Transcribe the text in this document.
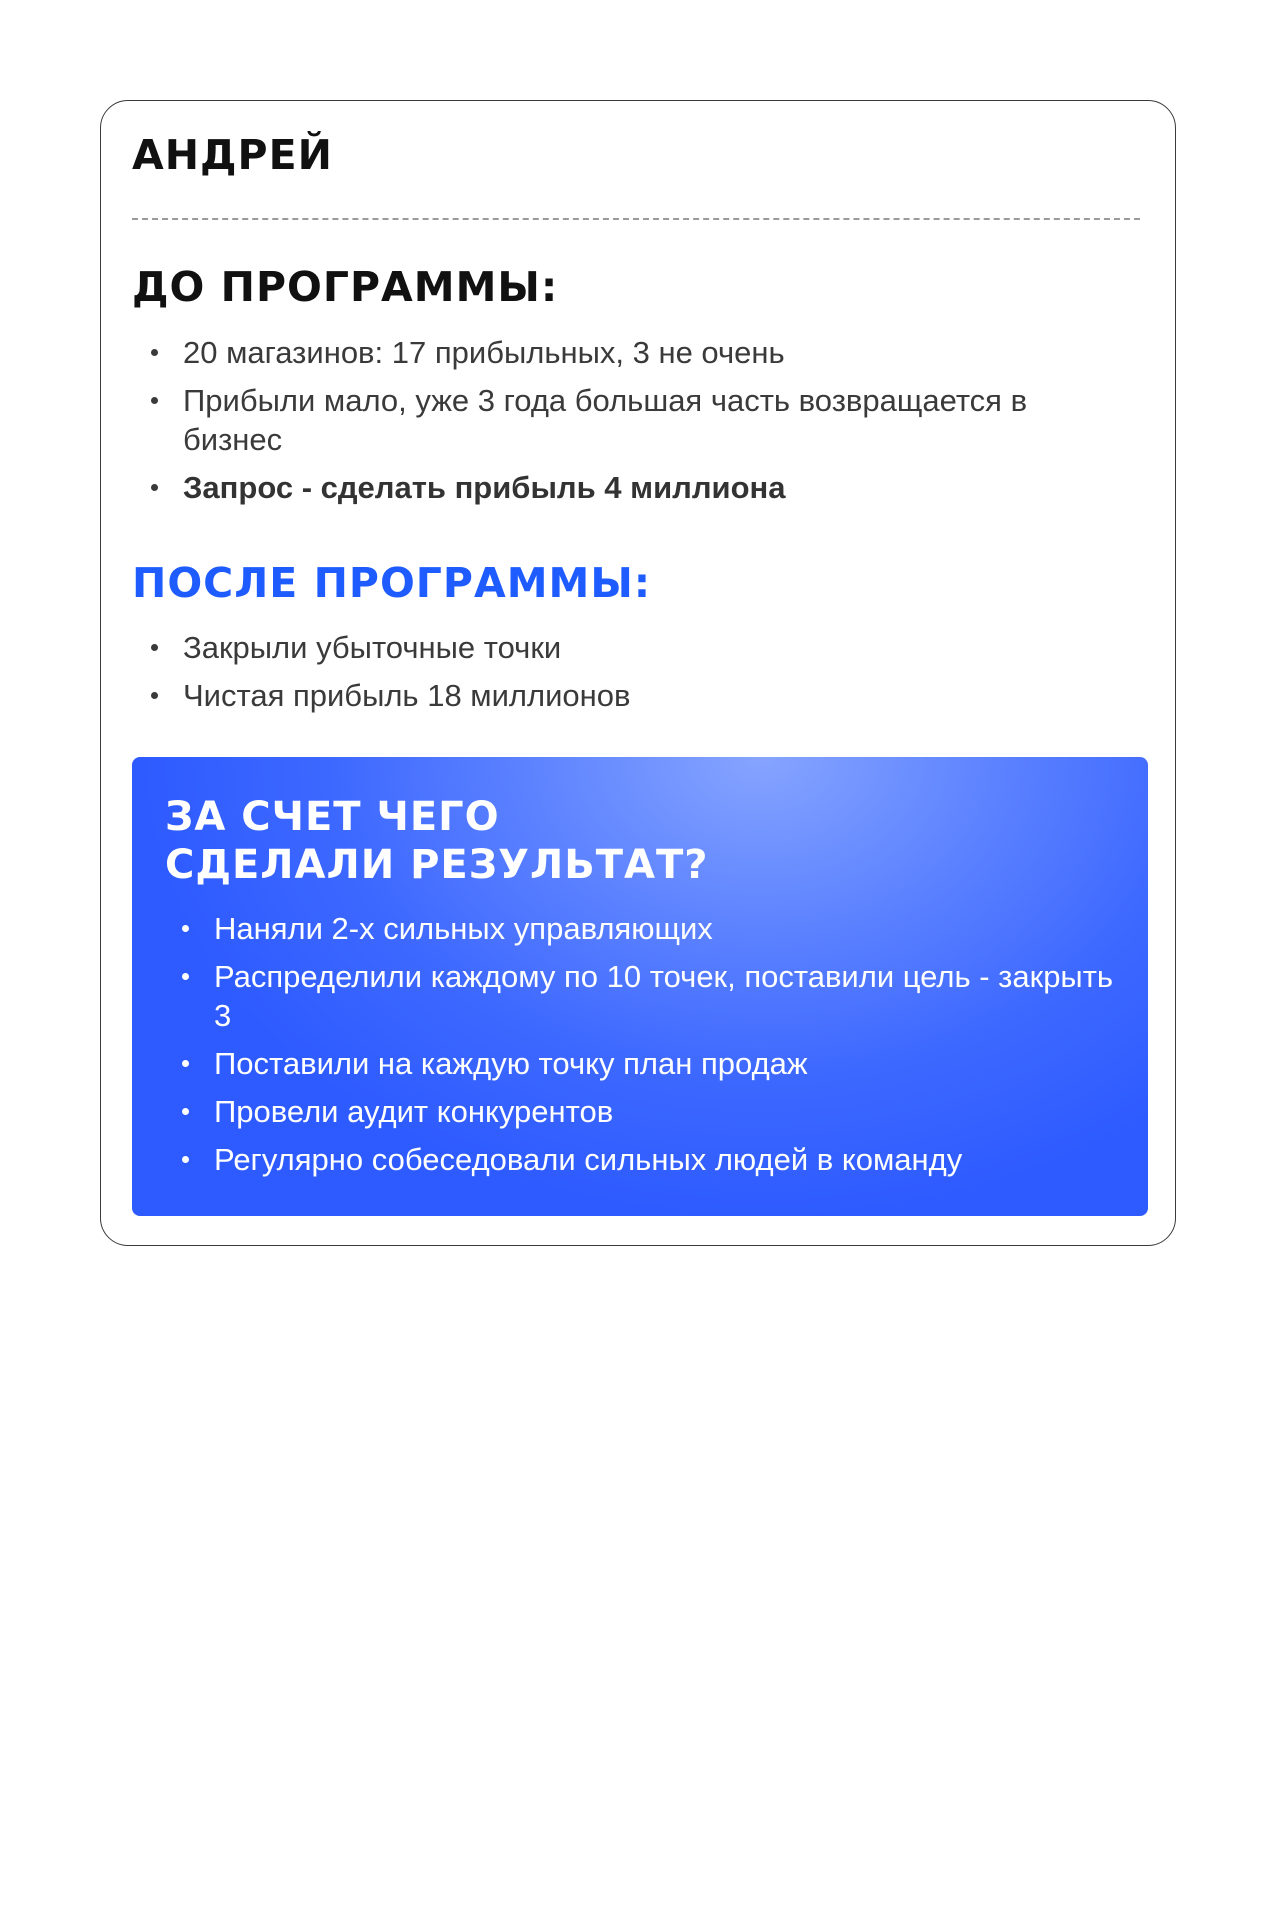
АНДРЕЙ
ДО ПРОГРАММЫ:
20 магазинов: 17 прибыльных, 3 не очень
Прибыли мало, уже 3 года большая часть возвращается в бизнес
Запрос - сделать прибыль 4 миллиона
ПОСЛЕ ПРОГРАММЫ:
Закрыли убыточные точки
Чистая прибыль 18 миллионов
ЗА СЧЕТ ЧЕГО
СДЕЛАЛИ РЕЗУЛЬТАТ?
Наняли 2-х сильных управляющих
Распределили каждому по 10 точек, поставили цель - закрыть 3
Поставили на каждую точку план продаж
Провели аудит конкурентов
Регулярно собеседовали сильных людей в команду
